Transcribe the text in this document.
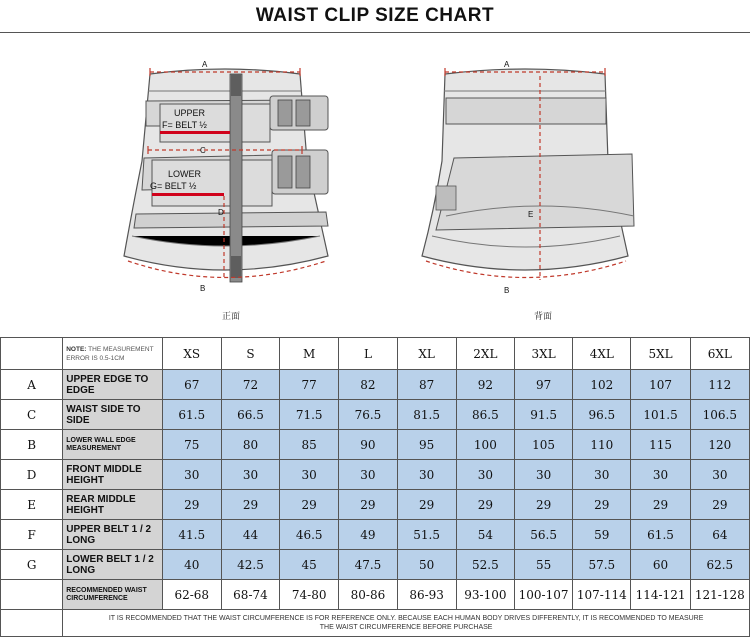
WAIST CLIP SIZE CHART
A
B
C
D
UPPER
F= BELT ½
LOWER
G= BELT ½
A
B
E
正面	背面
	NOTE: THE MEASUREMENT ERROR IS 0.5-1CM	XS	S	M	L	XL	2XL	3XL	4XL	5XL	6XL
A	UPPER EDGE TO EDGE	67	72	77	82	87	92	97	102	107	112
C	WAIST SIDE TO SIDE	61.5	66.5	71.5	76.5	81.5	86.5	91.5	96.5	101.5	106.5
B	LOWER WALL EDGE MEASUREMENT	75	80	85	90	95	100	105	110	115	120
D	FRONT MIDDLE HEIGHT	30	30	30	30	30	30	30	30	30	30
E	REAR MIDDLE HEIGHT	29	29	29	29	29	29	29	29	29	29
F	UPPER BELT 1 / 2 LONG	41.5	44	46.5	49	51.5	54	56.5	59	61.5	64
G	LOWER BELT 1 / 2 LONG	40	42.5	45	47.5	50	52.5	55	57.5	60	62.5
	RECOMMENDED WAIST CIRCUMFERENCE	62-68	68-74	74-80	80-86	86-93	93-100	100-107	107-114	114-121	121-128
	IT IS RECOMMENDED THAT THE WAIST CIRCUMFERENCE IS FOR REFERENCE ONLY. BECAUSE EACH HUMAN BODY DRIVES DIFFERENTLY, IT IS RECOMMENDED TO MEASURE THE WAIST CIRCUMFERENCE BEFORE PURCHASE										
